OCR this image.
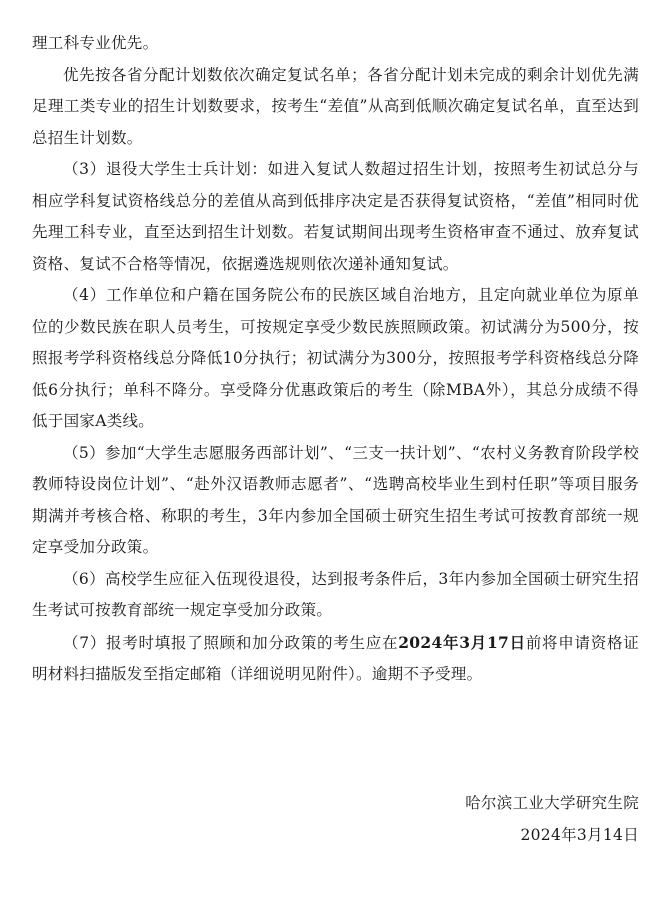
理工科专业优先。

优先按各省分配计划数依次确定复试名单；各省分配计划未完成的剩余计划优先满足理工类专业的招生计划数要求，按考生“差值”从高到低顺次确定复试名单，直至达到总招生计划数。

（3）退役大学生士兵计划：如进入复试人数超过招生计划，按照考生初试总分与相应学科复试资格线总分的差值从高到低排序决定是否获得复试资格，“差值”相同时优先理工科专业，直至达到招生计划数。若复试期间出现考生资格审查不通过、放弃复试资格、复试不合格等情况，依据遴选规则依次递补通知复试。

（4）工作单位和户籍在国务院公布的民族区域自治地方，且定向就业单位为原单位的少数民族在职人员考生，可按规定享受少数民族照顾政策。初试满分为500分，按照报考学科资格线总分降低10分执行；初试满分为300分，按照报考学科资格线总分降低6分执行；单科不降分。享受降分优惠政策后的考生（除MBA外），其总分成绩不得低于国家A类线。

（5）参加“大学生志愿服务西部计划”、“三支一扶计划”、“农村义务教育阶段学校教师特设岗位计划”、“赴外汉语教师志愿者”、“选聘高校毕业生到村任职”等项目服务期满并考核合格、称职的考生，3年内参加全国硕士研究生招生考试可按教育部统一规定享受加分政策。

（6）高校学生应征入伍现役退役，达到报考条件后，3年内参加全国硕士研究生招生考试可按教育部统一规定享受加分政策。

（7）报考时填报了照顾和加分政策的考生应在2024年3月17日前将申请资格证明材料扫描版发至指定邮箱（详细说明见附件）。逾期不予受理。

哈尔滨工业大学研究生院
2024年3月14日
